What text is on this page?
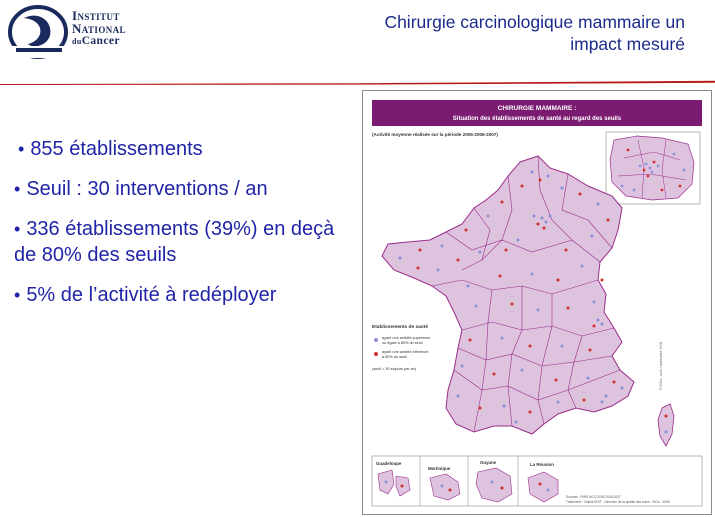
Institut
National
duCancer
Chirurgie carcinologique mammaire un
impact mesuré
• 855 établissements
• Seuil : 30 interventions / an
• 336 établissements (39%) en deçà de 80% des seuils
• 5% de l’activité à redéployer
CHIRURGIE MAMMAIRE :
Situation des établissements de santé au regard des seuils
(Activité moyenne réalisée sur la période 2005-2006-2007)
Etablissements de santé
ayant une activité supérieure
ou égale à 80% du seuil
ayant une activité inférieure
à 80% du seuil
(seuil = 30 séjours par an)	© INCa - août / septembre 2008
Guadeloupe
Martinique
Guyane	La Réunion
Sources : PMSI MCO 2005-2006-2007
Traitement : Cellule IRST - Direction de la qualité des soins - INCa - 2008
